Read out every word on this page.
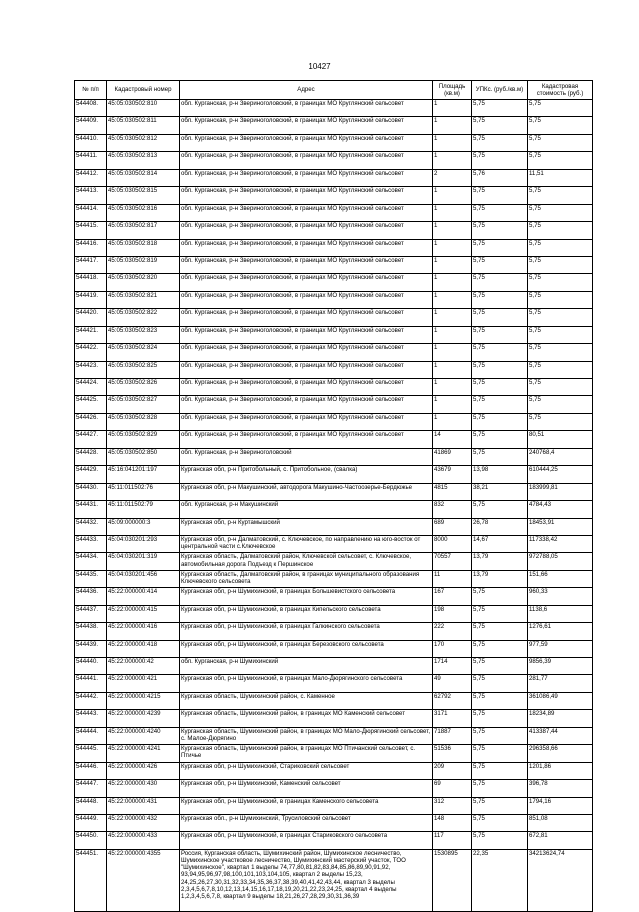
10427
№ п/п	Кадастровый номер	Адрес	Площадь (кв.м)	УПКс. (руб./кв.м)	Кадастровая стоимость (руб.)
544408.	45:05:030502:810	обл. Курганская, р-н Звериноголовский, в границах МО Круглянский сельсовет	1	5,75	5,75
544409.	45:05:030502:811	обл. Курганская, р-н Звериноголовский, в границах МО Круглянский сельсовет	1	5,75	5,75
544410.	45:05:030502:812	обл. Курганская, р-н Звериноголовский, в границах МО Круглянский сельсовет	1	5,75	5,75
544411.	45:05:030502:813	обл. Курганская, р-н Звериноголовский, в границах МО Круглянский сельсовет	1	5,75	5,75
544412.	45:05:030502:814	обл. Курганская, р-н Звериноголовский, в границах МО Круглянский сельсовет	2	5,76	11,51
544413.	45:05:030502:815	обл. Курганская, р-н Звериноголовский, в границах МО Круглянский сельсовет	1	5,75	5,75
544414.	45:05:030502:816	обл. Курганская, р-н Звериноголовский, в границах МО Круглянский сельсовет	1	5,75	5,75
544415.	45:05:030502:817	обл. Курганская, р-н Звериноголовский, в границах МО Круглянский сельсовет	1	5,75	5,75
544416.	45:05:030502:818	обл. Курганская, р-н Звериноголовский, в границах МО Круглянский сельсовет	1	5,75	5,75
544417.	45:05:030502:819	обл. Курганская, р-н Звериноголовский, в границах МО Круглянский сельсовет	1	5,75	5,75
544418.	45:05:030502:820	обл. Курганская, р-н Звериноголовский, в границах МО Круглянский сельсовет	1	5,75	5,75
544419.	45:05:030502:821	обл. Курганская, р-н Звериноголовский, в границах МО Круглянский сельсовет	1	5,75	5,75
544420.	45:05:030502:822	обл. Курганская, р-н Звериноголовский, в границах МО Круглянский сельсовет	1	5,75	5,75
544421.	45:05:030502:823	обл. Курганская, р-н Звериноголовский, в границах МО Круглянский сельсовет	1	5,75	5,75
544422.	45:05:030502:824	обл. Курганская, р-н Звериноголовский, в границах МО Круглянский сельсовет	1	5,75	5,75
544423.	45:05:030502:825	обл. Курганская, р-н Звериноголовский, в границах МО Круглянский сельсовет	1	5,75	5,75
544424.	45:05:030502:826	обл. Курганская, р-н Звериноголовский, в границах МО Круглянский сельсовет	1	5,75	5,75
544425.	45:05:030502:827	обл. Курганская, р-н Звериноголовский, в границах МО Круглянский сельсовет	1	5,75	5,75
544426.	45:05:030502:828	обл. Курганская, р-н Звериноголовский, в границах МО Круглянский сельсовет	1	5,75	5,75
544427.	45:05:030502:829	обл. Курганская, р-н Звериноголовский, в границах МО Круглянский сельсовет	14	5,75	80,51
544428.	45:05:030502:850	обл. Курганская, р-н Звериноголовский	41869	5,75	240768,4
544429.	45:16:041201:197	Курганская обл, р-н Притобольный, с. Притобольное, (свалка)	43679	13,98	610444,25
544430.	45:11:011502:76	Курганская обл, р-н Макушинский, автодорога Макушино-Частоозерье-Бердюжье	4815	38,21	183999,81
544431.	45:11:011502:79	обл. Курганская, р-н Макушинский	832	5,75	4784,43
544432.	45:09:000000:3	Курганская обл, р-н Куртамышский	689	26,78	18453,91
544433.	45:04:030201:293	Курганская обл, р-н Далматовский, с. Ключевское, по направлению на юго-восток от центральной части с.Ключевское	8000	14,67	117338,42
544434.	45:04:030201:319	Курганская область, Далматовский район, Ключевской сельсовет, с. Ключевское, автомобильная дорога Подъезд к Першинское	70557	13,79	972788,05
544435.	45:04:030201:456	Курганская область, Далматовский район, в границах муниципального образования Ключевского сельсовета	11	13,79	151,66
544436.	45:22:000000:414	Курганская обл, р-н Шумихинский, в границах Большевистского сельсовета	167	5,75	960,33
544437.	45:22:000000:415	Курганская обл, р-н Шумихинский, в границах Кипельского сельсовета	198	5,75	1138,6
544438.	45:22:000000:416	Курганская обл, р-н Шумихинский, в границах Галкинского сельсовета	222	5,75	1276,61
544439.	45:22:000000:418	Курганская обл, р-н Шумихинский, в границах Березовского сельсовета	170	5,75	977,59
544440.	45:22:000000:42	обл. Курганская, р-н Шумихинский	1714	5,75	9856,39
544441.	45:22:000000:421	Курганская обл, р-н Шумихинский, в границах Мало-Дюрягинского сельсовета	49	5,75	281,77
544442.	45:22:000000:4215	Курганская область, Шумихинский район, с. Каменное	62792	5,75	361086,49
544443.	45:22:000000:4239	Курганская область, Шумихинский район, в границах МО Каменский сельсовет	3171	5,75	18234,89
544444.	45:22:000000:4240	Курганская область, Шумихинский район, в границах МО Мало-Дюрягинский сельсовет, с. Малое-Дюрягино	71887	5,75	413387,44
544445.	45:22:000000:4241	Курганская область, Шумихинский район, в границах МО Птичанский сельсовет, с. Птичье	51536	5,75	296358,66
544446.	45:22:000000:426	Курганская обл, р-н Шумихинский, Стариковский сельсовет	209	5,75	1201,86
544447.	45:22:000000:430	Курганская обл, р-н Шумихинский, Каменский сельсовет	69	5,75	396,78
544448.	45:22:000000:431	Курганская обл, р-н Шумихинский, в границах Каменского сельсовета	312	5,75	1794,16
544449.	45:22:000000:432	Курганская обл., р-н Шумихинский, Трусиловский сельсовет	148	5,75	851,08
544450.	45:22:000000:433	Курганская обл, р-н Шумихинский, в границах Стариковского сельсовета	117	5,75	672,81
544451.	45:22:000000:4355	Россия, Курганская область, Шумихинский район, Шумихинское лесничество, Шумихинское участковое лесничество, Шумихинский мастерский участок, ТОО "Шумихинское", квартал 1 выделы 74,77,80,81,82,83,84,85,86,89,90,91,92, 93,94,95,96,97,98,100,101,103,104,105, квартал 2 выделы 15,23, 24,25,26,27,30,31,32,33,34,35,36,37,38,39,40,41,42,43,44, квартал 3 выделы 2,3,4,5,6,7,8,10,12,13,14,15,16,17,18,19,20,21,22,23,24,25, квартал 4 выделы 1,2,3,4,5,6,7,8, квартал 9 выделы 18,21,26,27,28,29,30,31,36,39	1530895	22,35	34213624,74
